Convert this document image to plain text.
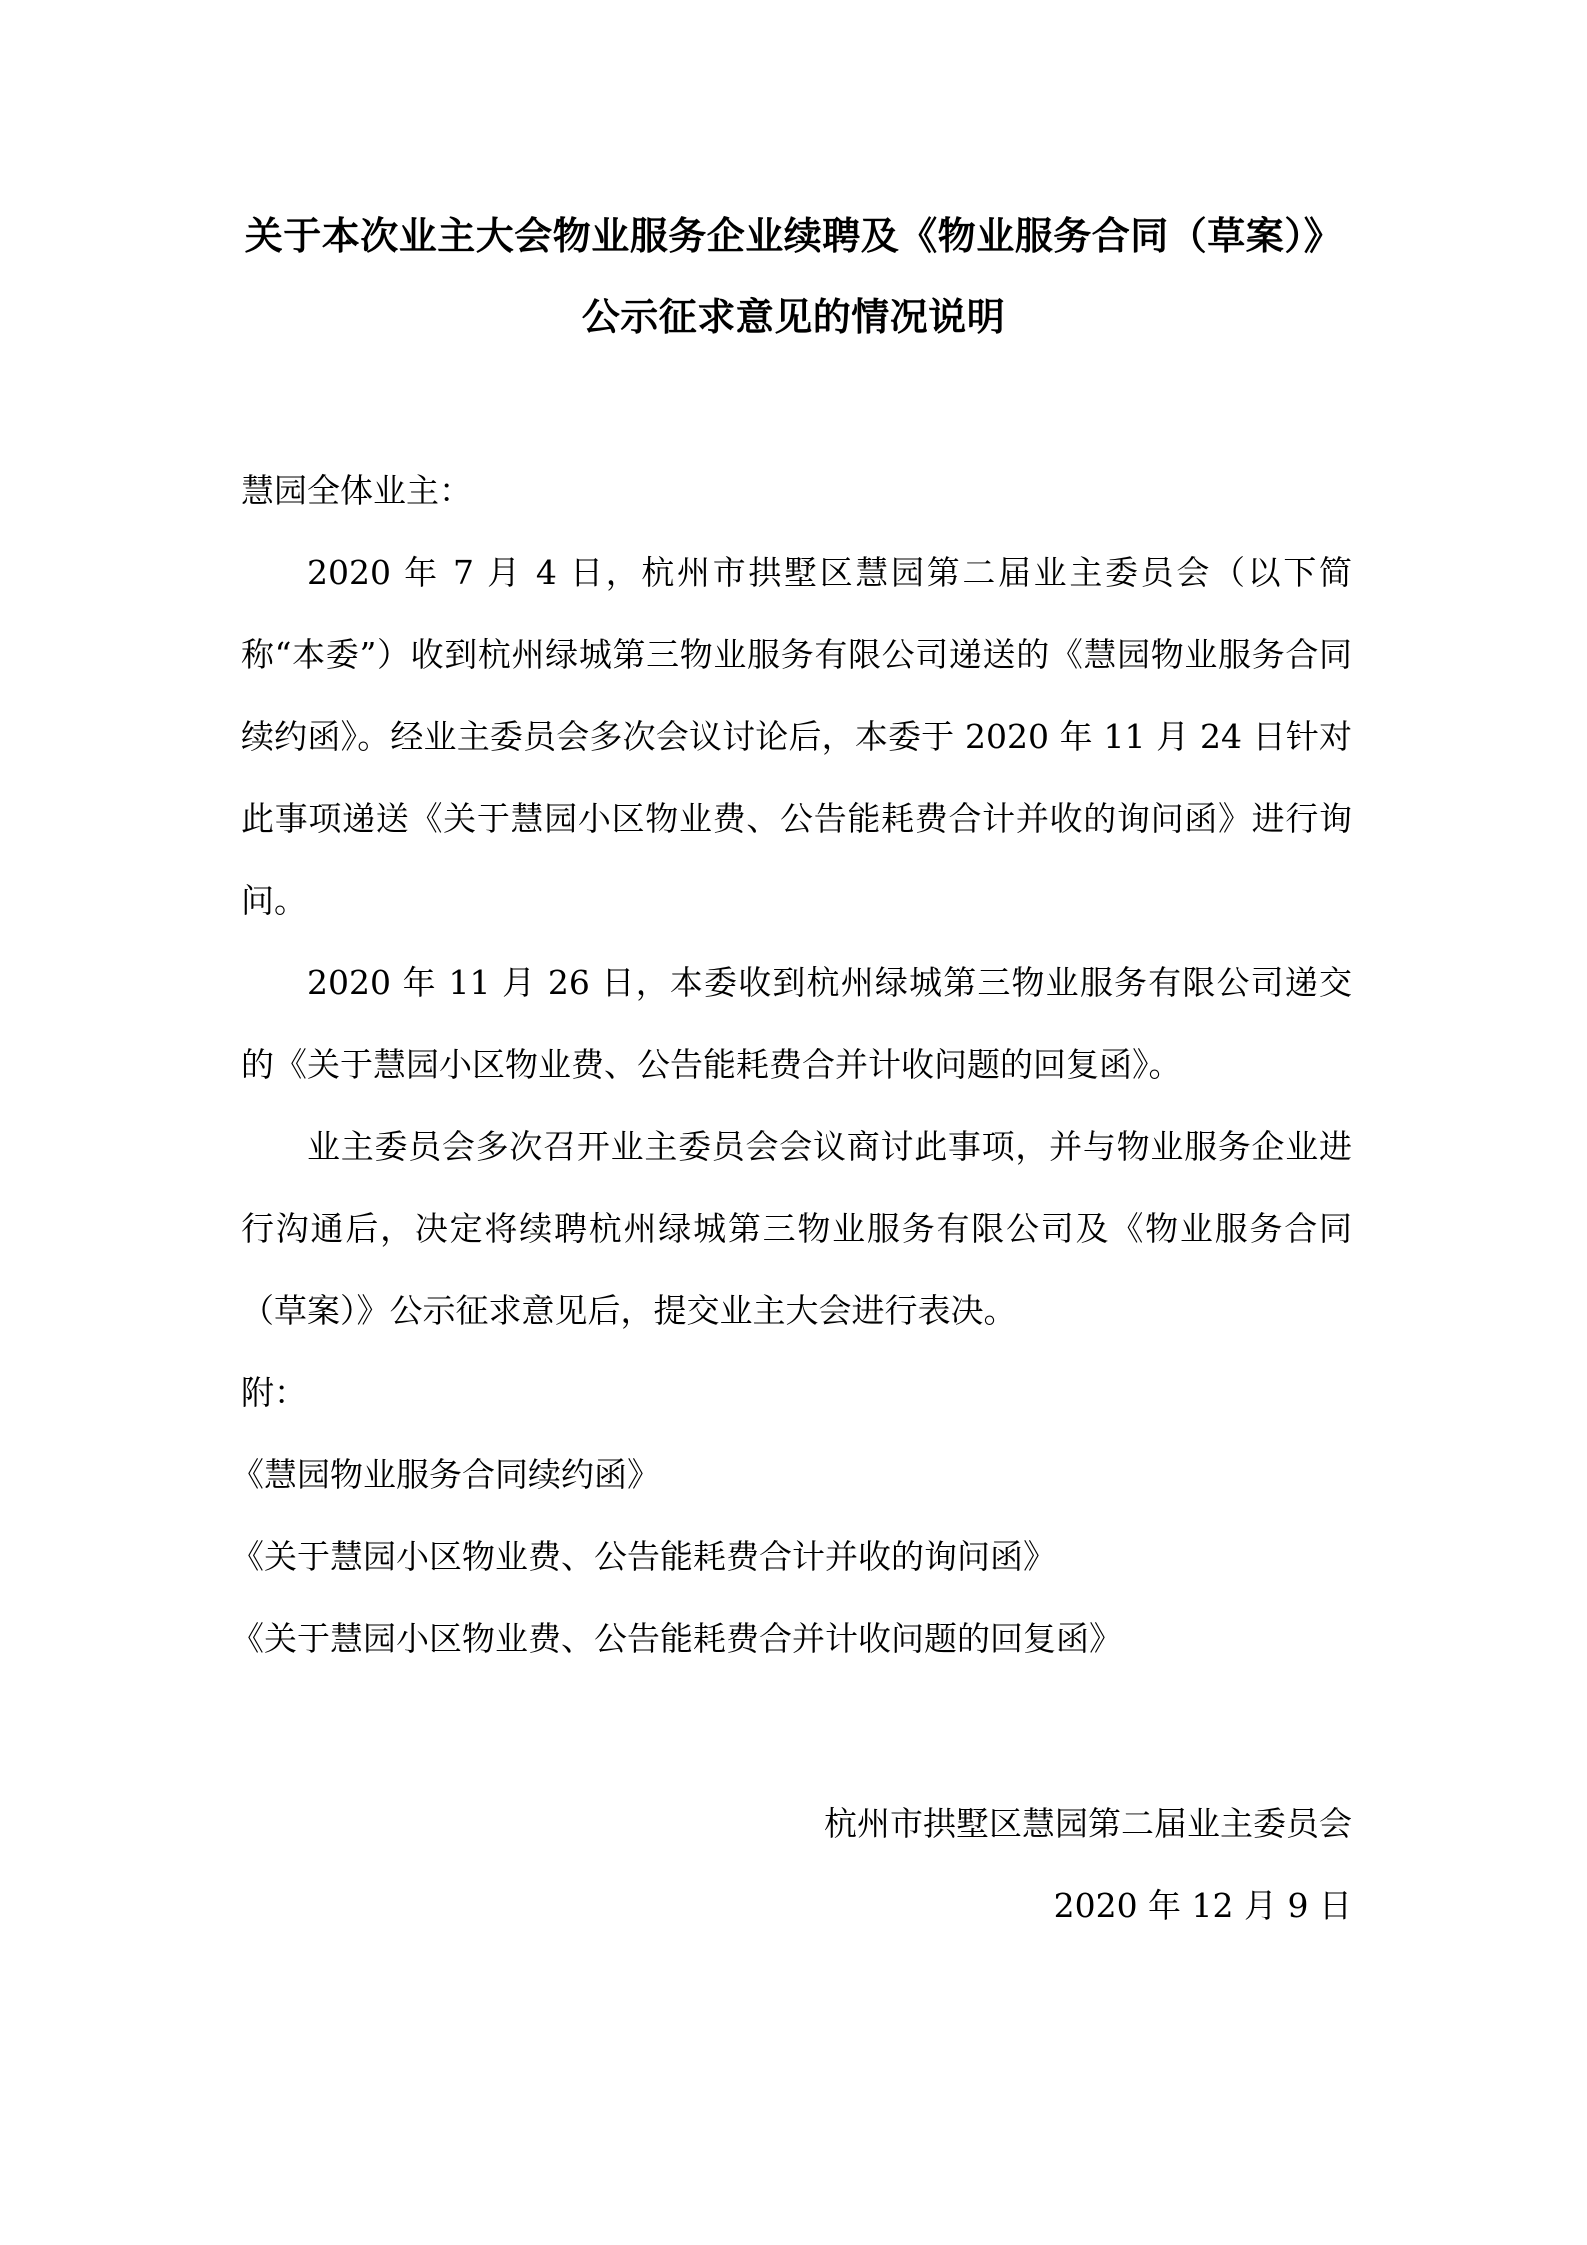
关于本次业主大会物业服务企业续聘及《物业服务合同（草案）》
公示征求意见的情况说明
慧园全体业主：

2020 年 7 月 4 日，杭州市拱墅区慧园第二届业主委员会（以下简称“本委”）收到杭州绿城第三物业服务有限公司递送的《慧园物业服务合同续约函》。经业主委员会多次会议讨论后，本委于 2020 年 11 月 24 日针对此事项递送《关于慧园小区物业费、公告能耗费合计并收的询问函》进行询问。

2020 年 11 月 26 日，本委收到杭州绿城第三物业服务有限公司递交的《关于慧园小区物业费、公告能耗费合并计收问题的回复函》。

业主委员会多次召开业主委员会会议商讨此事项，并与物业服务企业进行沟通后，决定将续聘杭州绿城第三物业服务有限公司及《物业服务合同（草案）》公示征求意见后，提交业主大会进行表决。

附：
《慧园物业服务合同续约函》
《关于慧园小区物业费、公告能耗费合计并收的询问函》
《关于慧园小区物业费、公告能耗费合并计收问题的回复函》
杭州市拱墅区慧园第二届业主委员会
2020 年 12 月 9 日
